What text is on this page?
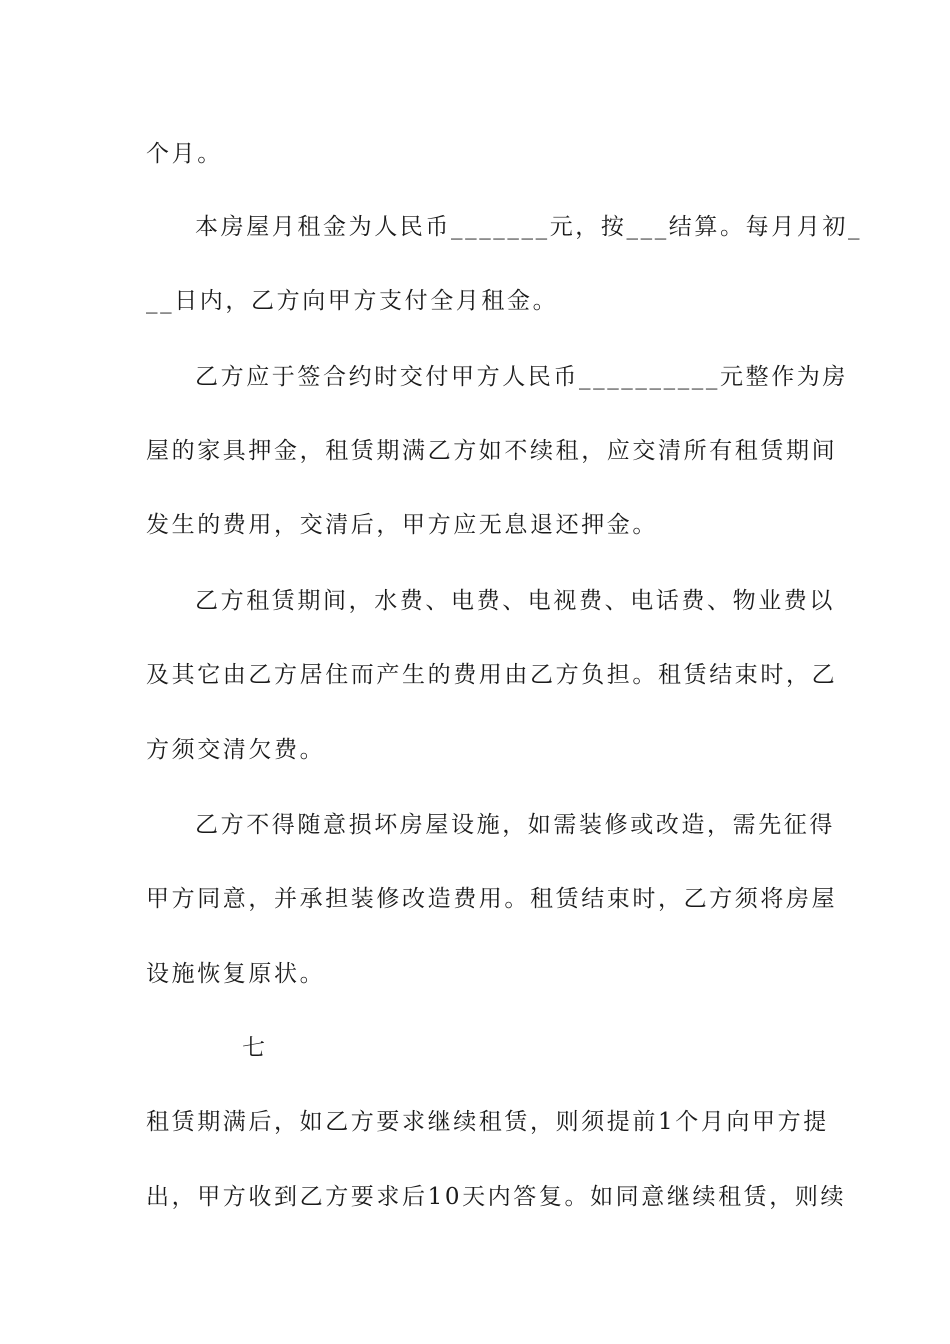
个月。
本房屋月租金为人民币_______元，按___结算。每月月初_
__日内，乙方向甲方支付全月租金。
乙方应于签合约时交付甲方人民币__________元整作为房
屋的家具押金，租赁期满乙方如不续租，应交清所有租赁期间
发生的费用，交清后，甲方应无息退还押金。
乙方租赁期间，水费、电费、电视费、电话费、物业费以
及其它由乙方居住而产生的费用由乙方负担。租赁结束时，乙
方须交清欠费。
乙方不得随意损坏房屋设施，如需装修或改造，需先征得
甲方同意，并承担装修改造费用。租赁结束时，乙方须将房屋
设施恢复原状。
七
租赁期满后，如乙方要求继续租赁，则须提前1个月向甲方提
出，甲方收到乙方要求后10天内答复。如同意继续租赁，则续
